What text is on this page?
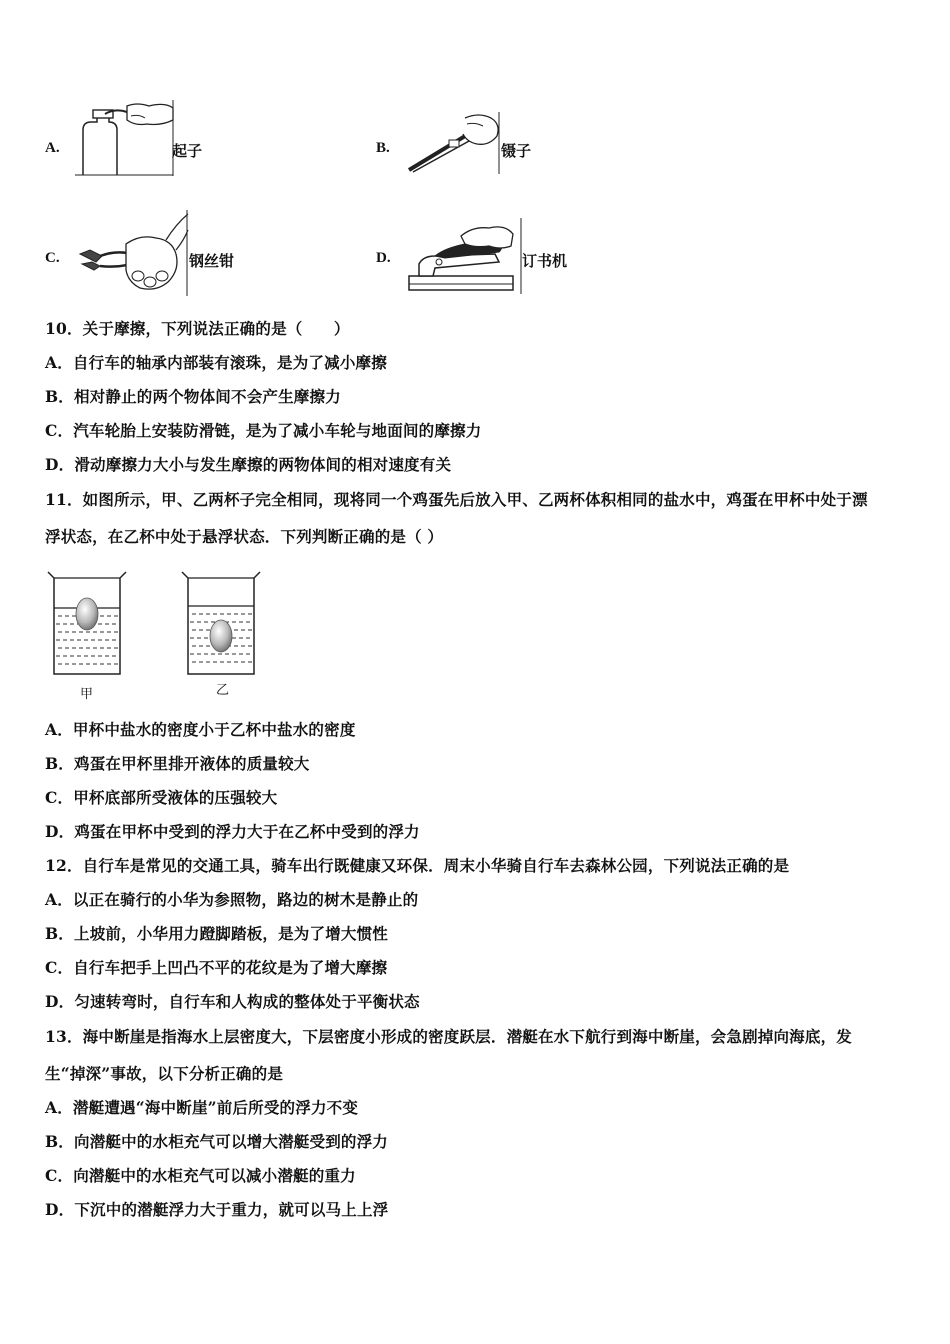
A.	起子	B.	镊子
C.	钢丝钳	D.	订书机
10．关于摩擦，下列说法正确的是（　　）
A．自行车的轴承内部装有滚珠，是为了减小摩擦
B．相对静止的两个物体间不会产生摩擦力
C．汽车轮胎上安装防滑链，是为了减小车轮与地面间的摩擦力
D．滑动摩擦力大小与发生摩擦的两物体间的相对速度有关
11．如图所示，甲、乙两杯子完全相同，现将同一个鸡蛋先后放入甲、乙两杯体积相同的盐水中，鸡蛋在甲杯中处于漂
浮状态，在乙杯中处于悬浮状态．下列判断正确的是（ ）
甲	乙
A．甲杯中盐水的密度小于乙杯中盐水的密度
B．鸡蛋在甲杯里排开液体的质量较大
C．甲杯底部所受液体的压强较大
D．鸡蛋在甲杯中受到的浮力大于在乙杯中受到的浮力
12．自行车是常见的交通工具，骑车出行既健康又环保．周末小华骑自行车去森林公园，下列说法正确的是
A．以正在骑行的小华为参照物，路边的树木是静止的
B．上坡前，小华用力蹬脚踏板，是为了增大惯性
C．自行车把手上凹凸不平的花纹是为了增大摩擦
D．匀速转弯时，自行车和人构成的整体处于平衡状态
13．海中断崖是指海水上层密度大，下层密度小形成的密度跃层．潜艇在水下航行到海中断崖，会急剧掉向海底，发
生“掉深”事故，以下分析正确的是
A．潜艇遭遇“海中断崖”前后所受的浮力不变
B．向潜艇中的水柜充气可以增大潜艇受到的浮力
C．向潜艇中的水柜充气可以减小潜艇的重力
D．下沉中的潜艇浮力大于重力，就可以马上上浮
